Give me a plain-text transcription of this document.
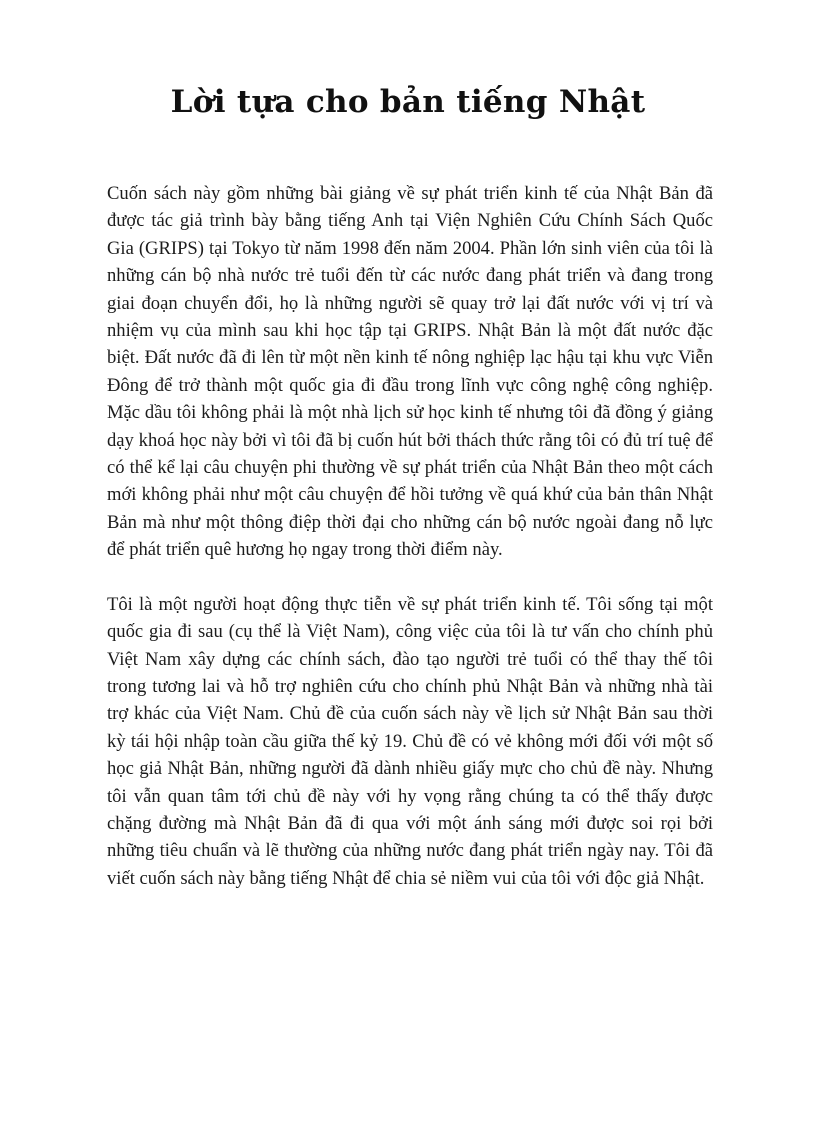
Lời tựa cho bản tiếng Nhật

Cuốn sách này gồm những bài giảng về sự phát triển kinh tế của Nhật Bản đã được tác giả trình bày bằng tiếng Anh tại Viện Nghiên Cứu Chính Sách Quốc Gia (GRIPS) tại Tokyo từ năm 1998 đến năm 2004. Phần lớn sinh viên của tôi là những cán bộ nhà nước trẻ tuổi đến từ các nước đang phát triển và đang trong giai đoạn chuyển đổi, họ là những người sẽ quay trở lại đất nước với vị trí và nhiệm vụ của mình sau khi học tập tại GRIPS. Nhật Bản là một đất nước đặc biệt. Đất nước đã đi lên từ một nền kinh tế nông nghiệp lạc hậu tại khu vực Viễn Đông để trở thành một quốc gia đi đầu trong lĩnh vực công nghệ công nghiệp. Mặc dầu tôi không phải là một nhà lịch sử học kinh tế nhưng tôi đã đồng ý giảng dạy khoá học này bởi vì tôi đã bị cuốn hút bởi thách thức rằng tôi có đủ trí tuệ để có thể kể lại câu chuyện phi thường về sự phát triển của Nhật Bản theo một cách mới không phải như một câu chuyện để hồi tưởng về quá khứ của bản thân Nhật Bản mà như một thông điệp thời đại cho những cán bộ nước ngoài đang nỗ lực để phát triển quê hương họ ngay trong thời điểm này.

Tôi là một người hoạt động thực tiễn về sự phát triển kinh tế. Tôi sống tại một quốc gia đi sau (cụ thể là Việt Nam), công việc của tôi là tư vấn cho chính phủ Việt Nam xây dựng các chính sách, đào tạo người trẻ tuổi có thể thay thế tôi trong tương lai và hỗ trợ nghiên cứu cho chính phủ Nhật Bản và những nhà tài trợ khác của Việt Nam. Chủ đề của cuốn sách này về lịch sử Nhật Bản sau thời kỳ tái hội nhập toàn cầu giữa thế kỷ 19. Chủ đề có vẻ không mới đối với một số học giả Nhật Bản, những người đã dành nhiều giấy mực cho chủ đề này. Nhưng tôi vẫn quan tâm tới chủ đề này với hy vọng rằng chúng ta có thể thấy được chặng đường mà Nhật Bản đã đi qua với một ánh sáng mới được soi rọi bởi những tiêu chuẩn và lẽ thường của những nước đang phát triển ngày nay. Tôi đã viết cuốn sách này bằng tiếng Nhật để chia sẻ niềm vui của tôi với độc giả Nhật.
